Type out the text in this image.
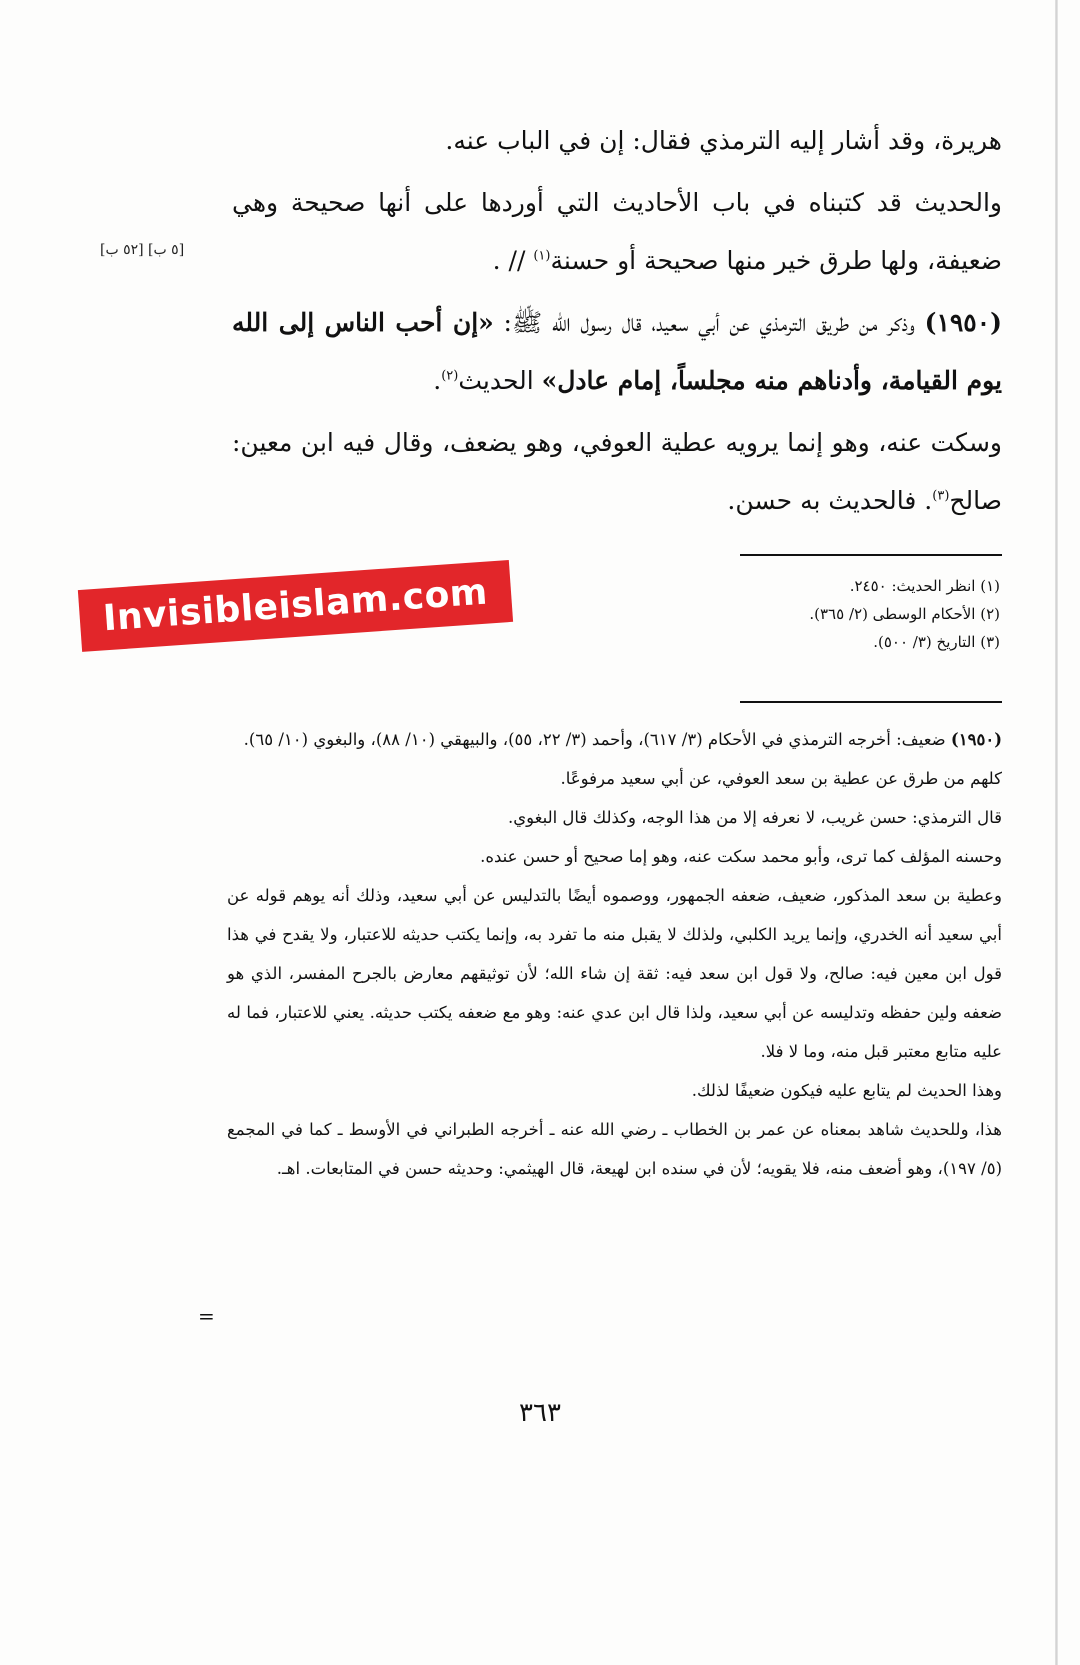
هريرة، وقد أشار إليه الترمذي فقال: إن في الباب عنه.

والحديث قد كتبناه في باب الأحاديث التي أوردها على أنها صحيحة وهي ضعيفة، ولها طرق خير منها صحيحة أو حسنة$^{(١)}$ // .

(١٩٥٠) وذكر من طريق الترمذي عن أبي سعيد، قال رسول الله ﷺ: «إن أحب الناس إلى الله يوم القيامة، وأدناهم منه مجلساً، إمام عادل» الحديث$^{(٢)}$.

وسكت عنه، وهو إنما يرويه عطية العوفي، وهو يضعف، وقال فيه ابن معين: صالح$^{(٣)}$. فالحديث به حسن.

[٥ ب] [٥٢ ب]
(١) انظر الحديث: ٢٤٥٠.
(٢) الأحكام الوسطى (٢/ ٣٦٥).
(٣) التاريخ (٣/ ٥٠٠).
Invisibleislam.com
(١٩٥٠) ضعيف: أخرجه الترمذي في الأحكام (٣/ ٦١٧)، وأحمد (٣/ ٢٢، ٥٥)، والبيهقي (١٠/ ٨٨)، والبغوي (١٠/ ٦٥).
كلهم من طرق عن عطية بن سعد العوفي، عن أبي سعيد مرفوعًا.
قال الترمذي: حسن غريب، لا نعرفه إلا من هذا الوجه، وكذلك قال البغوي.
وحسنه المؤلف كما ترى، وأبو محمد سكت عنه، وهو إما صحيح أو حسن عنده.
وعطية بن سعد المذكور، ضعيف، ضعفه الجمهور، ووصموه أيضًا بالتدليس عن أبي سعيد، وذلك أنه يوهم قوله عن أبي سعيد أنه الخدري، وإنما يريد الكلبي، ولذلك لا يقبل منه ما تفرد به، وإنما يكتب حديثه للاعتبار، ولا يقدح في هذا قول ابن معين فيه: صالح، ولا قول ابن سعد فيه: ثقة إن شاء الله؛ لأن توثيقهم معارض بالجرح المفسر، الذي هو ضعفه ولين حفظه وتدليسه عن أبي سعيد، ولذا قال ابن عدي عنه: وهو مع ضعفه يكتب حديثه. يعني للاعتبار، فما له عليه متابع معتبر قبل منه، وما لا فلا.
وهذا الحديث لم يتابع عليه فيكون ضعيفًا لذلك.
هذا، وللحديث شاهد بمعناه عن عمر بن الخطاب ـ رضي الله عنه ـ أخرجه الطبراني في الأوسط ـ كما في المجمع (٥/ ١٩٧)، وهو أضعف منه، فلا يقويه؛ لأن في سنده ابن لهيعة، قال الهيثمي: وحديثه حسن في المتابعات. اهـ.
=
٣٦٣
